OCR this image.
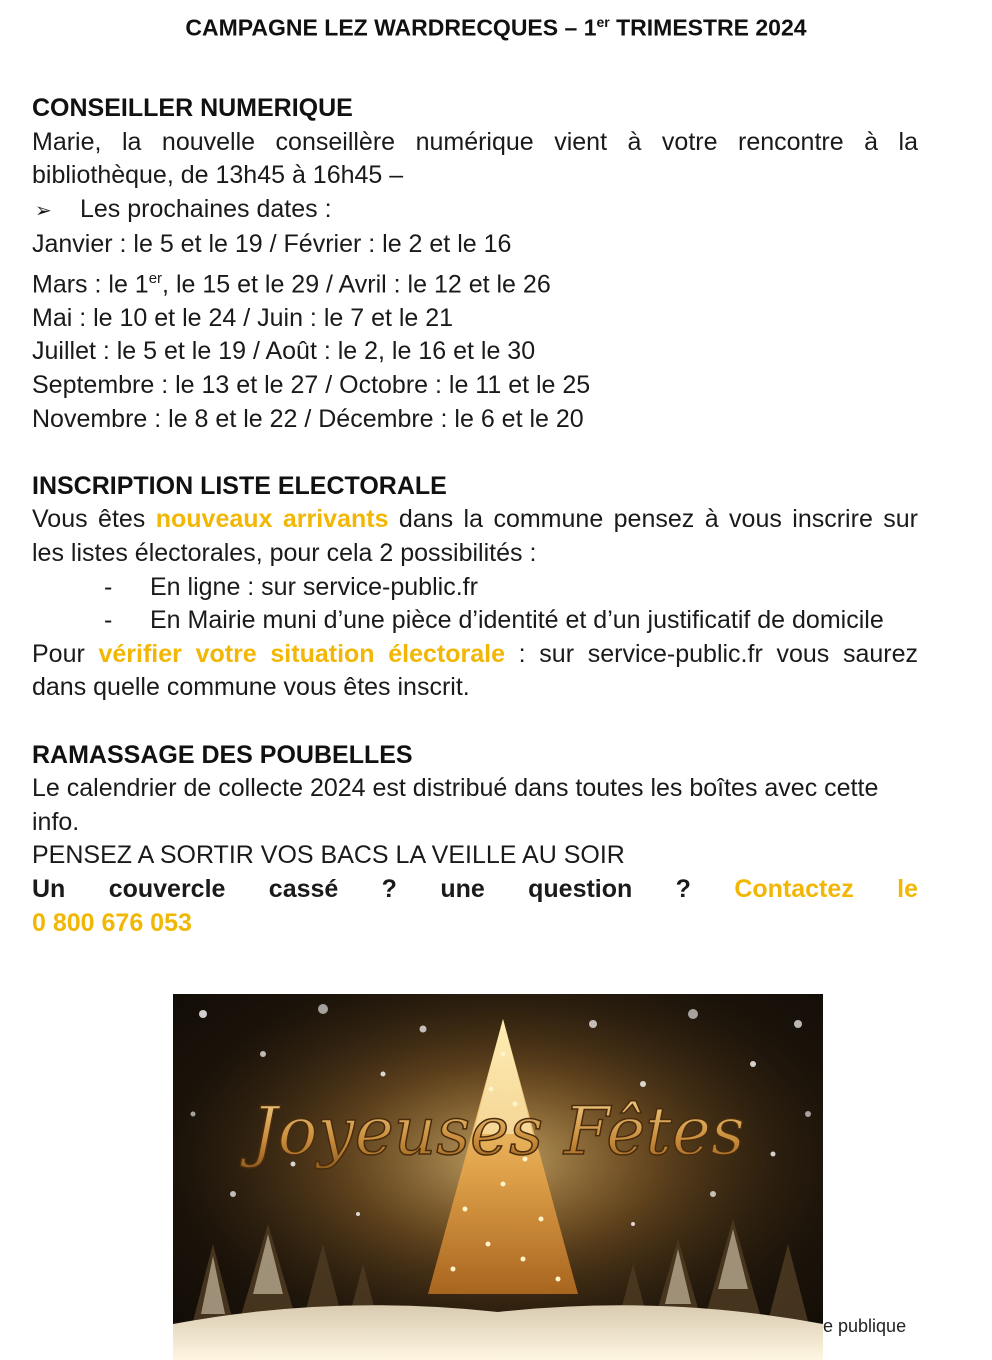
CAMPAGNE LEZ WARDRECQUES – 1er TRIMESTRE 2024
CONSEILLER NUMERIQUE
Marie, la nouvelle conseillère numérique vient à votre rencontre à la bibliothèque, de 13h45 à 16h45 –
➢	Les prochaines dates :
Janvier : le 5 et le 19 / Février : le 2 et le 16
Mars : le 1er, le 15 et le 29 / Avril : le 12 et le 26
Mai : le 10 et le 24 / Juin : le 7 et le 21
Juillet : le 5 et le 19 / Août : le 2, le 16 et le 30
Septembre : le 13 et le 27 / Octobre : le 11 et le 25
Novembre : le 8 et le 22 / Décembre : le 6 et le 20
INSCRIPTION LISTE ELECTORALE
Vous êtes nouveaux arrivants dans la commune pensez à vous inscrire sur les listes électorales, pour cela 2 possibilités :
-	En ligne : sur service-public.fr
-	En Mairie muni d’une pièce d’identité et d’un justificatif de domicile
Pour vérifier votre situation électorale : sur service-public.fr vous saurez dans quelle commune vous êtes inscrit.
RAMASSAGE DES POUBELLES
Le calendrier de collecte 2024 est distribué dans toutes les boîtes avec cette info.
PENSEZ A SORTIR VOS BACS LA VEILLE AU SOIR
Un couvercle cassé ? une question ? Contactez le
0 800 676 053
Joyeuses Fêtes
e publique
